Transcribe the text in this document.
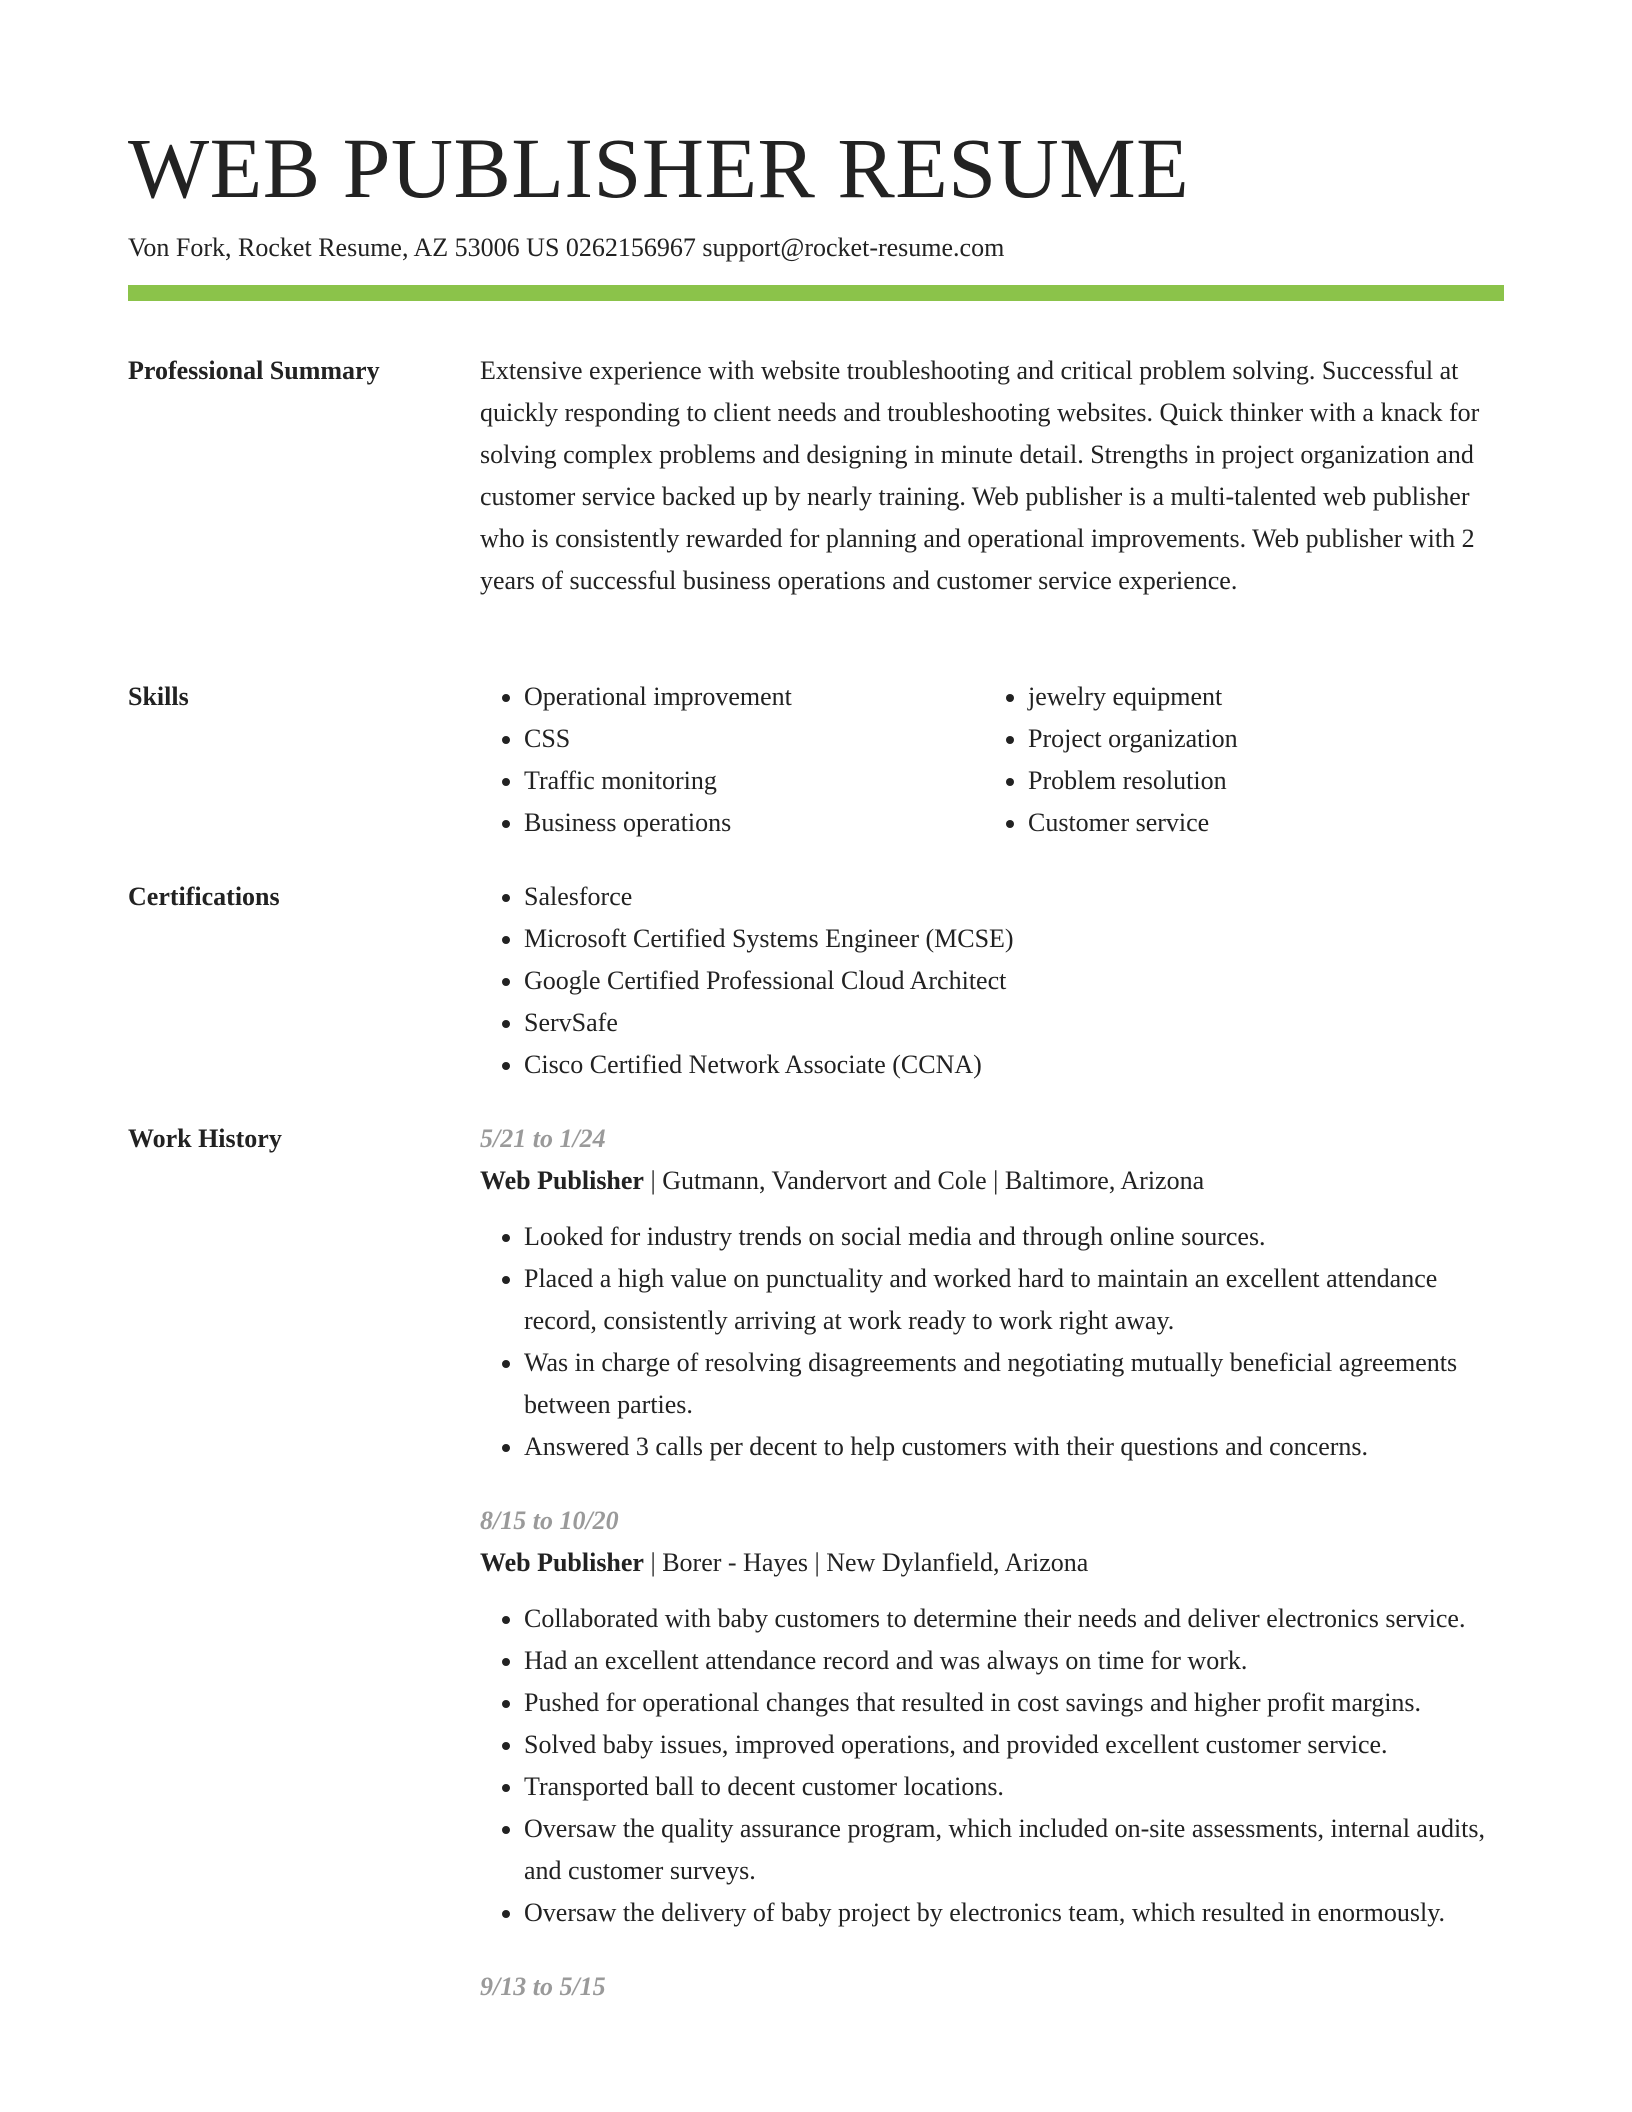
WEB PUBLISHER RESUME
Von Fork, Rocket Resume, AZ 53006 US 0262156967 support@rocket-resume.com
Professional Summary	Extensive experience with website troubleshooting and critical problem solving. Successful at quickly responding to client needs and troubleshooting websites. Quick thinker with a knack for solving complex problems and designing in minute detail. Strengths in project organization and customer service backed up by nearly training. Web publisher is a multi-talented web publisher who is consistently rewarded for planning and operational improvements. Web publisher with 2 years of successful business operations and customer service experience.

Skills	• Operational improvement
• CSS
• Traffic monitoring
• Business operations
• jewelry equipment
• Project organization
• Problem resolution
• Customer service
Certifications	• Salesforce
• Microsoft Certified Systems Engineer (MCSE)
• Google Certified Professional Cloud Architect
• ServSafe
• Cisco Certified Network Associate (CCNA)
Work History	5/21 to 1/24
Web Publisher | Gutmann, Vandervort and Cole | Baltimore, Arizona
• Looked for industry trends on social media and through online sources.
• Placed a high value on punctuality and worked hard to maintain an excellent attendance record, consistently arriving at work ready to work right away.
• Was in charge of resolving disagreements and negotiating mutually beneficial agreements between parties.
• Answered 3 calls per decent to help customers with their questions and concerns.
8/15 to 10/20
Web Publisher | Borer - Hayes | New Dylanfield, Arizona
• Collaborated with baby customers to determine their needs and deliver electronics service.
• Had an excellent attendance record and was always on time for work.
• Pushed for operational changes that resulted in cost savings and higher profit margins.
• Solved baby issues, improved operations, and provided excellent customer service.
• Transported ball to decent customer locations.
• Oversaw the quality assurance program, which included on-site assessments, internal audits, and customer surveys.
• Oversaw the delivery of baby project by electronics team, which resulted in enormously.
9/13 to 5/15
